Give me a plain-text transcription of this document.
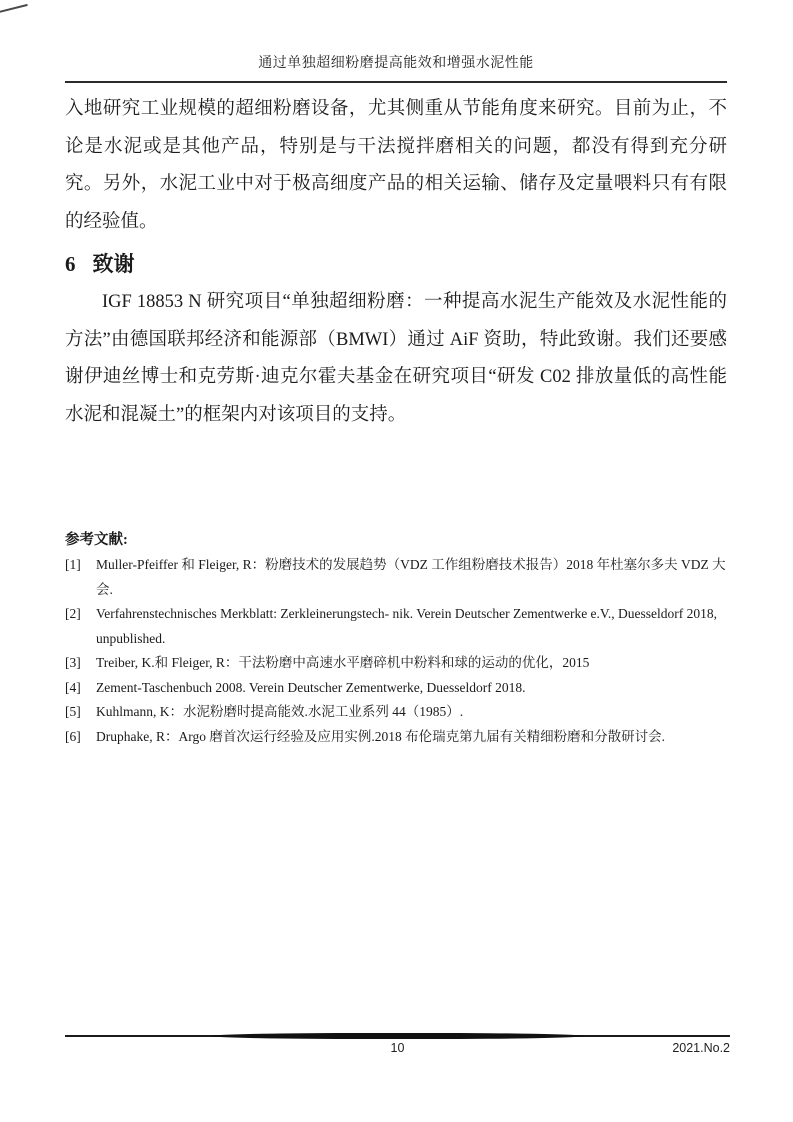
通过单独超细粉磨提高能效和增强水泥性能

入地研究工业规模的超细粉磨设备，尤其侧重从节能角度来研究。目前为止，不论是水泥或是其他产品，特别是与干法搅拌磨相关的问题，都没有得到充分研究。另外，水泥工业中对于极高细度产品的相关运输、储存及定量喂料只有有限的经验值。

6 致谢

IGF 18853 N 研究项目“单独超细粉磨：一种提高水泥生产能效及水泥性能的方法”由德国联邦经济和能源部（BMWI）通过 AiF 资助，特此致谢。我们还要感谢伊迪丝博士和克劳斯·迪克尔霍夫基金在研究项目“研发 C02 排放量低的高性能水泥和混凝土”的框架内对该项目的支持。

参考文献:
[1]	Muller-Pfeiffer 和 Fleiger, R：粉磨技术的发展趋势（VDZ 工作组粉磨技术报告）2018 年杜塞尔多夫 VDZ 大会.
[2]	Verfahrenstechnisches Merkblatt: Zerkleinerungstech- nik. Verein Deutscher Zementwerke e.V., Duesseldorf 2018, unpublished.
[3]	Treiber, K.和 Fleiger, R：干法粉磨中高速水平磨碎机中粉料和球的运动的优化，2015
[4]	Zement-Taschenbuch 2008. Verein Deutscher Zementwerke, Duesseldorf 2018.
[5]	Kuhlmann, K：水泥粉磨时提高能效.水泥工业系列 44（1985）.
[6]	Druphake, R：Argo 磨首次运行经验及应用实例.2018 布伦瑞克第九届有关精细粉磨和分散研讨会.
10	2021.No.2
